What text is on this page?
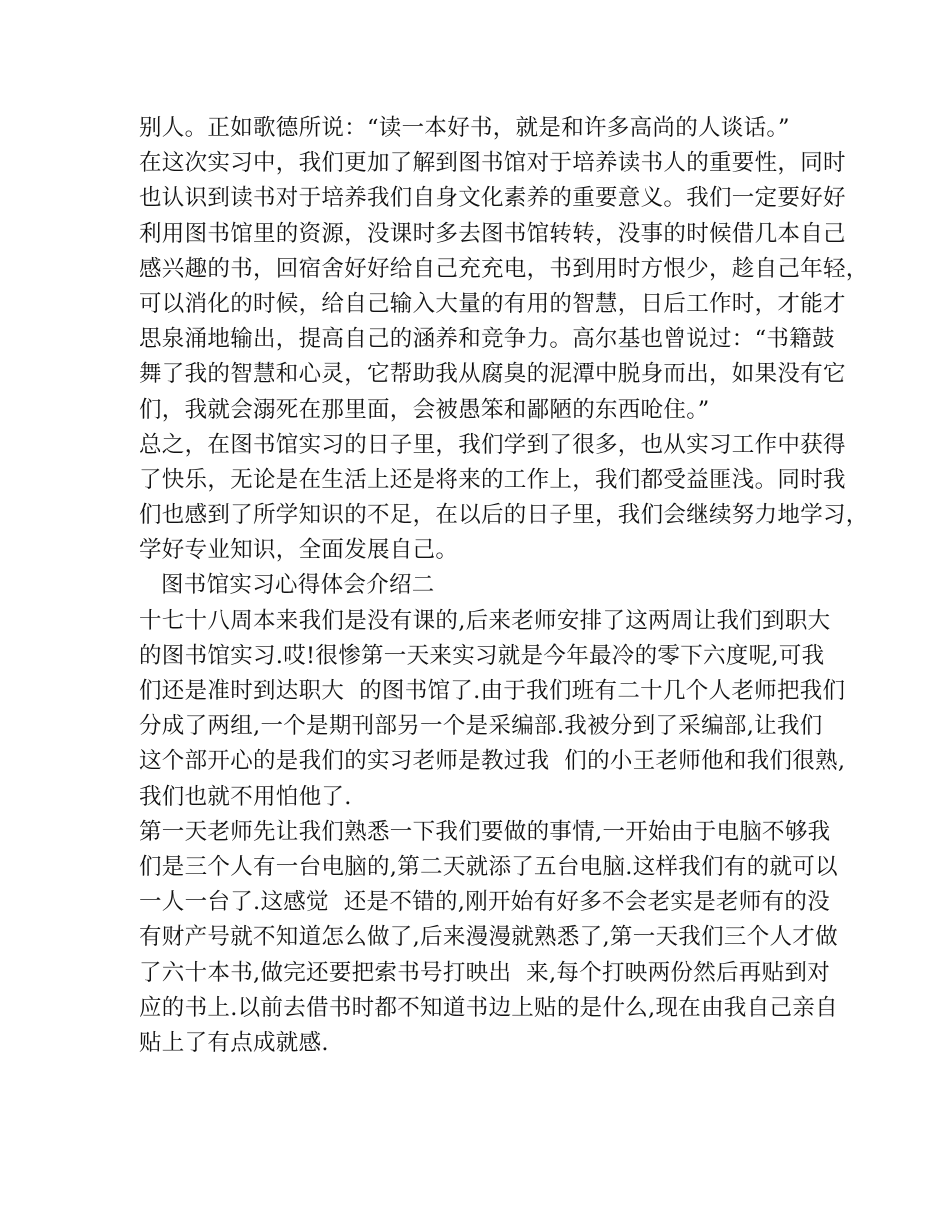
别人。正如歌德所说：“读一本好书，就是和许多高尚的人谈话。”
在这次实习中，我们更加了解到图书馆对于培养读书人的重要性，同时
也认识到读书对于培养我们自身文化素养的重要意义。我们一定要好好
利用图书馆里的资源，没课时多去图书馆转转，没事的时候借几本自己
感兴趣的书，回宿舍好好给自己充充电，书到用时方恨少，趁自己年轻，
可以消化的时候，给自己输入大量的有用的智慧，日后工作时，才能才
思泉涌地输出，提高自己的涵养和竞争力。高尔基也曾说过：“书籍鼓
舞了我的智慧和心灵，它帮助我从腐臭的泥潭中脱身而出，如果没有它
们，我就会溺死在那里面，会被愚笨和鄙陋的东西呛住。”
总之，在图书馆实习的日子里，我们学到了很多，也从实习工作中获得
了快乐，无论是在生活上还是将来的工作上，我们都受益匪浅。同时我
们也感到了所学知识的不足，在以后的日子里，我们会继续努力地学习，
学好专业知识，全面发展自己。
图书馆实习心得体会介绍二
十七十八周本来我们是没有课的,后来老师安排了这两周让我们到职大
的图书馆实习.哎!很惨第一天来实习就是今年最冷的零下六度呢,可我
们还是准时到达职大  的图书馆了.由于我们班有二十几个人老师把我们
分成了两组,一个是期刊部另一个是采编部.我被分到了采编部,让我们
这个部开心的是我们的实习老师是教过我  们的小王老师他和我们很熟,
我们也就不用怕他了.
第一天老师先让我们熟悉一下我们要做的事情,一开始由于电脑不够我
们是三个人有一台电脑的,第二天就添了五台电脑.这样我们有的就可以
一人一台了.这感觉  还是不错的,刚开始有好多不会老实是老师有的没
有财产号就不知道怎么做了,后来漫漫就熟悉了,第一天我们三个人才做
了六十本书,做完还要把索书号打映出  来,每个打映两份然后再贴到对
应的书上.以前去借书时都不知道书边上贴的是什么,现在由我自己亲自
贴上了有点成就感.
